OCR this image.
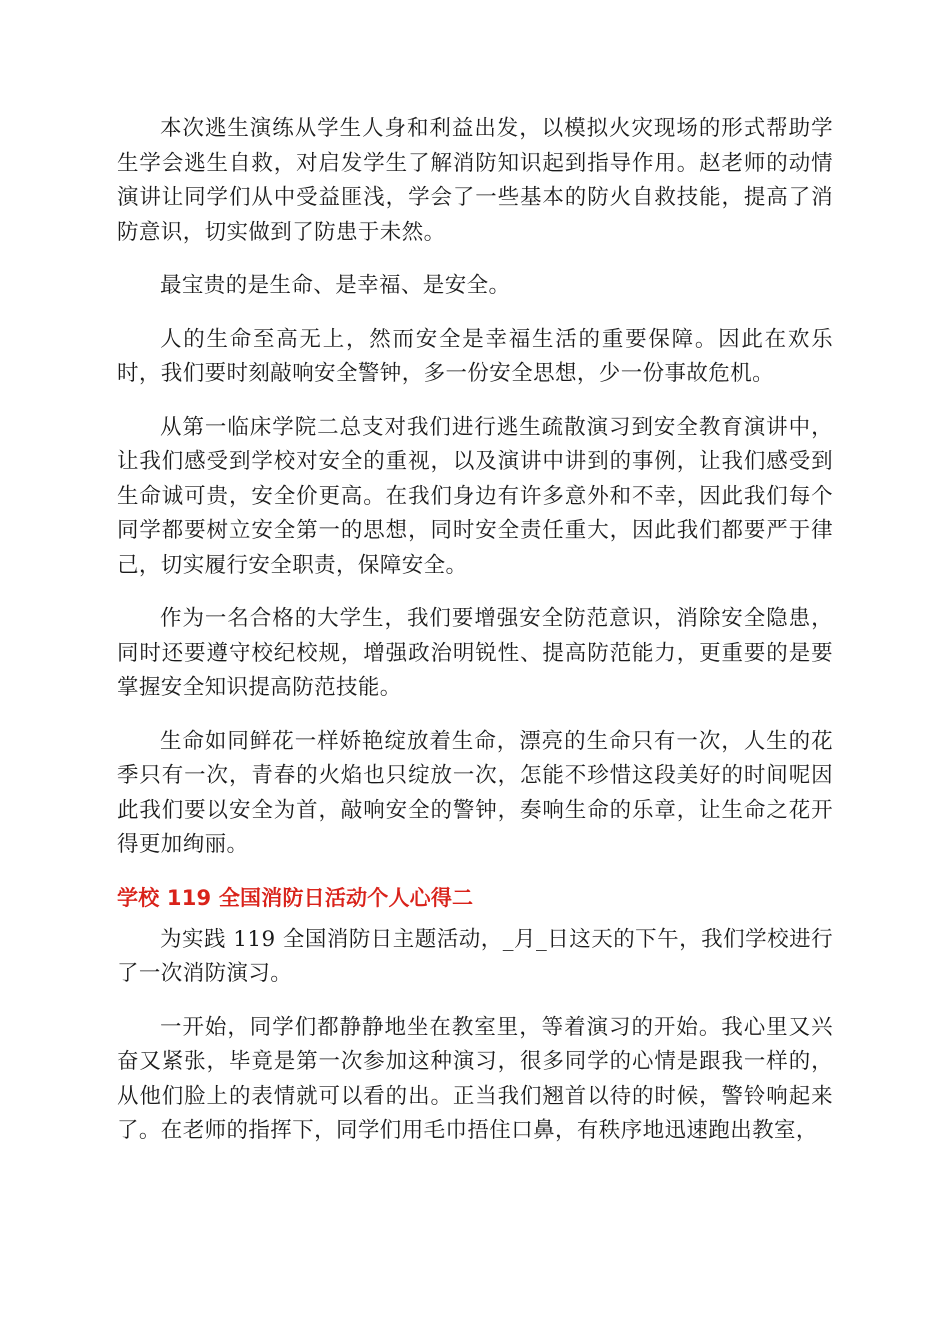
本次逃生演练从学生人身和利益出发，以模拟火灾现场的形式帮助学生学会逃生自救，对启发学生了解消防知识起到指导作用。赵老师的动情演讲让同学们从中受益匪浅，学会了一些基本的防火自救技能，提高了消防意识，切实做到了防患于未然。

最宝贵的是生命、是幸福、是安全。

人的生命至高无上，然而安全是幸福生活的重要保障。因此在欢乐时，我们要时刻敲响安全警钟，多一份安全思想，少一份事故危机。

从第一临床学院二总支对我们进行逃生疏散演习到安全教育演讲中，让我们感受到学校对安全的重视，以及演讲中讲到的事例，让我们感受到生命诚可贵，安全价更高。在我们身边有许多意外和不幸，因此我们每个同学都要树立安全第一的思想，同时安全责任重大，因此我们都要严于律己，切实履行安全职责，保障安全。

作为一名合格的大学生，我们要增强安全防范意识，消除安全隐患，同时还要遵守校纪校规，增强政治明锐性、提高防范能力，更重要的是要掌握安全知识提高防范技能。

生命如同鲜花一样娇艳绽放着生命，漂亮的生命只有一次，人生的花季只有一次，青春的火焰也只绽放一次，怎能不珍惜这段美好的时间呢因此我们要以安全为首，敲响安全的警钟，奏响生命的乐章，让生命之花开得更加绚丽。

学校 119 全国消防日活动个人心得二

为实践 119 全国消防日主题活动，_月_日这天的下午，我们学校进行了一次消防演习。

一开始，同学们都静静地坐在教室里，等着演习的开始。我心里又兴奋又紧张，毕竟是第一次参加这种演习，很多同学的心情是跟我一样的，从他们脸上的表情就可以看的出。正当我们翘首以待的时候，警铃响起来了。在老师的指挥下，同学们用毛巾捂住口鼻，有秩序地迅速跑出教室，
